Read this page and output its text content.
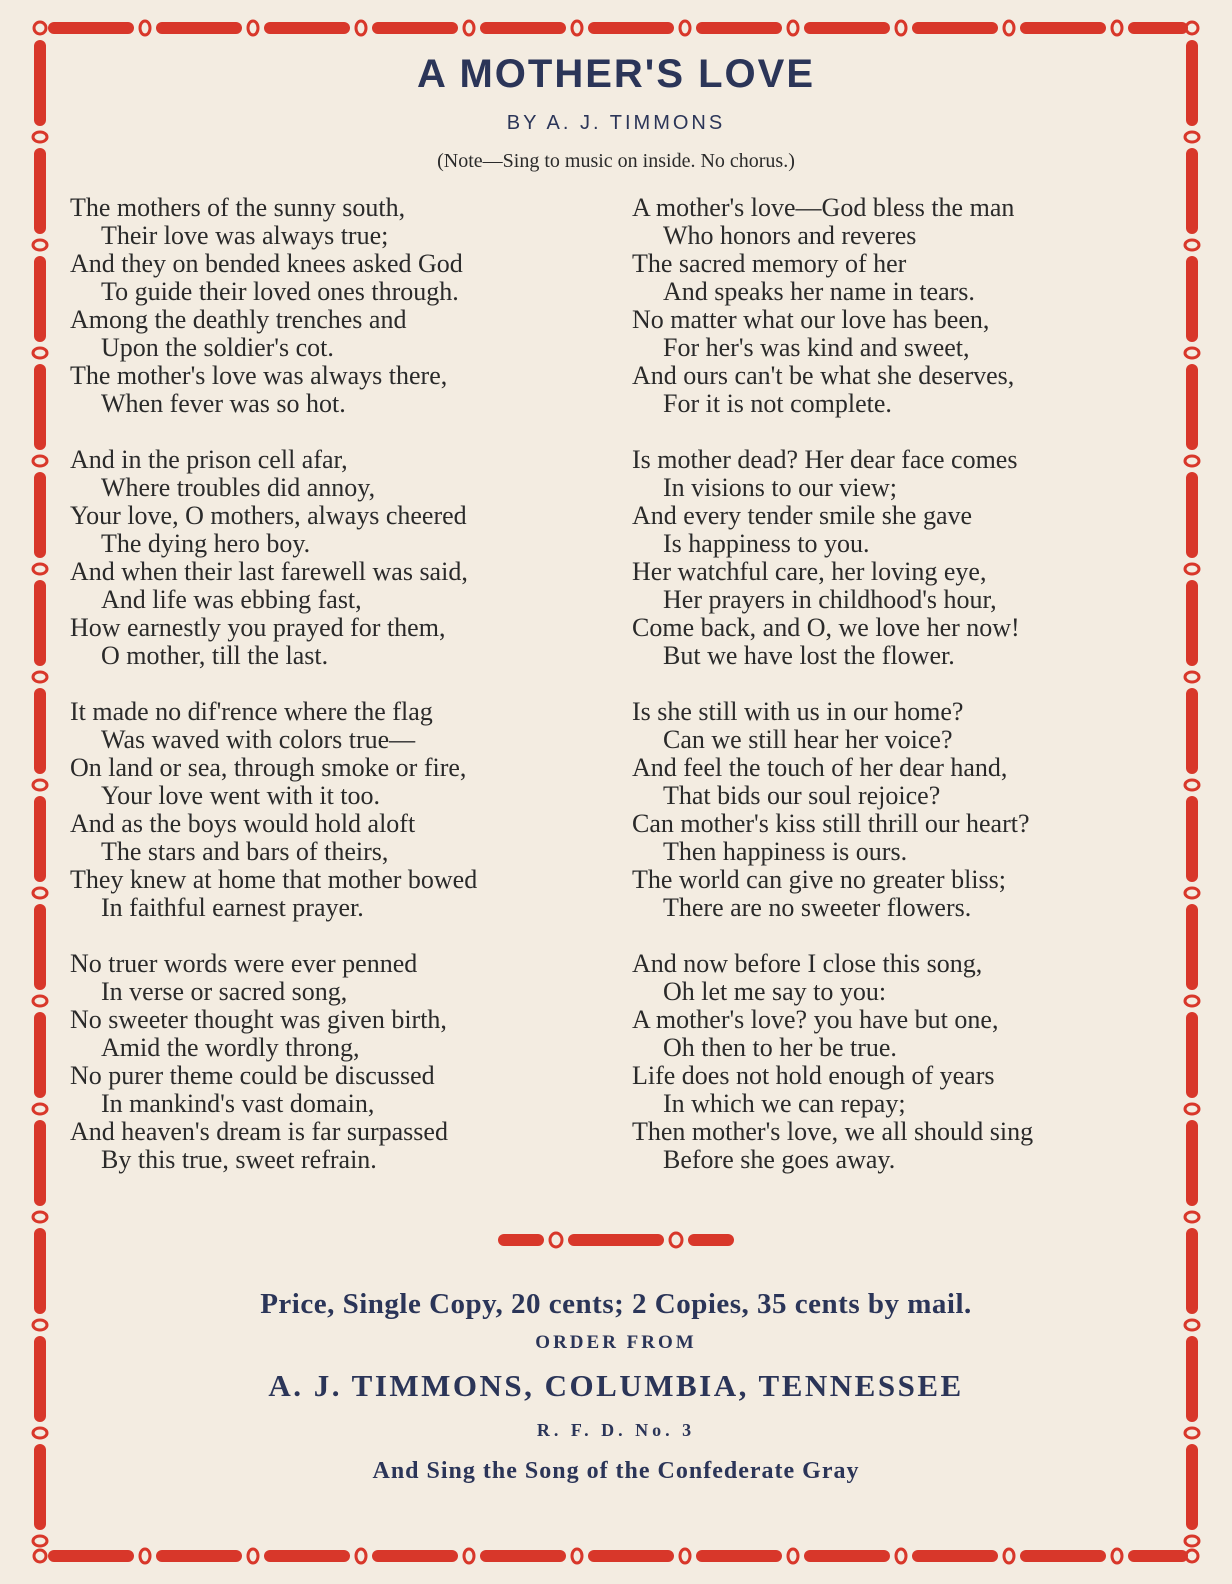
A MOTHER'S LOVE
BY A. J. TIMMONS
(Note—Sing to music on inside. No chorus.)
The mothers of the sunny south,
Their love was always true;
And they on bended knees asked God
To guide their loved ones through.
Among the deathly trenches and
Upon the soldier's cot.
The mother's love was always there,
When fever was so hot.
And in the prison cell afar,
Where troubles did annoy,
Your love, O mothers, always cheered
The dying hero boy.
And when their last farewell was said,
And life was ebbing fast,
How earnestly you prayed for them,
O mother, till the last.
It made no dif'rence where the flag
Was waved with colors true—
On land or sea, through smoke or fire,
Your love went with it too.
And as the boys would hold aloft
The stars and bars of theirs,
They knew at home that mother bowed
In faithful earnest prayer.
No truer words were ever penned
In verse or sacred song,
No sweeter thought was given birth,
Amid the wordly throng,
No purer theme could be discussed
In mankind's vast domain,
And heaven's dream is far surpassed
By this true, sweet refrain.
A mother's love—God bless the man
Who honors and reveres
The sacred memory of her
And speaks her name in tears.
No matter what our love has been,
For her's was kind and sweet,
And ours can't be what she deserves,
For it is not complete.
Is mother dead? Her dear face comes
In visions to our view;
And every tender smile she gave
Is happiness to you.
Her watchful care, her loving eye,
Her prayers in childhood's hour,
Come back, and O, we love her now!
But we have lost the flower.
Is she still with us in our home?
Can we still hear her voice?
And feel the touch of her dear hand,
That bids our soul rejoice?
Can mother's kiss still thrill our heart?
Then happiness is ours.
The world can give no greater bliss;
There are no sweeter flowers.
And now before I close this song,
Oh let me say to you:
A mother's love? you have but one,
Oh then to her be true.
Life does not hold enough of years
In which we can repay;
Then mother's love, we all should sing
Before she goes away.
Price, Single Copy, 20 cents; 2 Copies, 35 cents by mail.
ORDER FROM
A. J. TIMMONS, COLUMBIA, TENNESSEE
R. F. D. No. 3
And Sing the Song of the Confederate Gray
